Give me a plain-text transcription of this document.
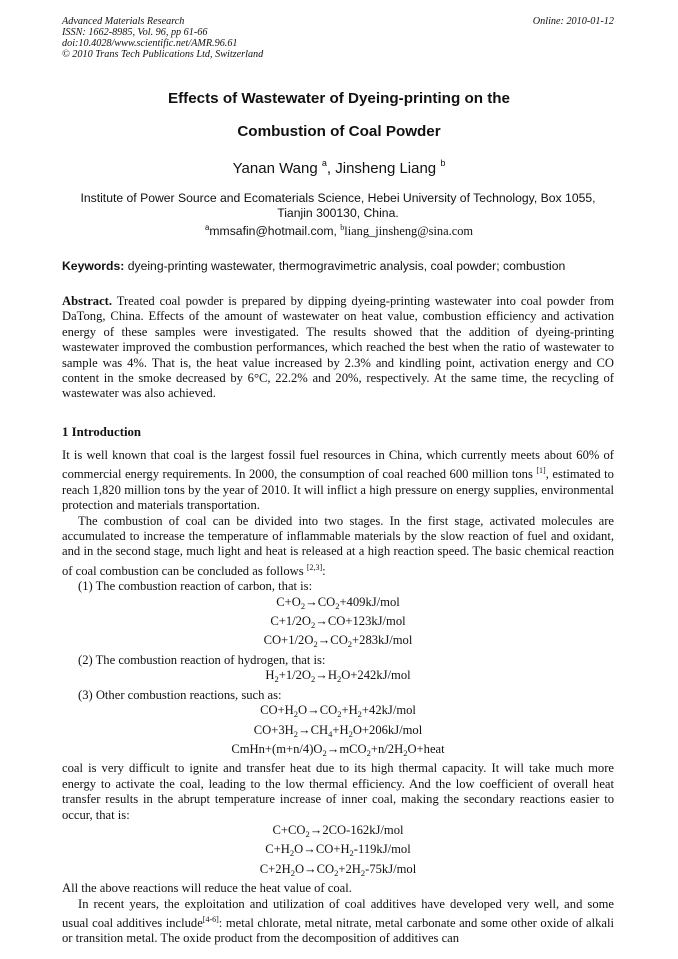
Advanced Materials Research
ISSN: 1662-8985, Vol. 96, pp 61-66
doi:10.4028/www.scientific.net/AMR.96.61
© 2010 Trans Tech Publications Ltd, Switzerland
Online: 2010-01-12
Effects of Wastewater of Dyeing-printing on the
Combustion of Coal Powder
Yanan Wang $^a$, Jinsheng Liang $^b$
Institute of Power Source and Ecomaterials Science, Hebei University of Technology, Box 1055, Tianjin 300130, China.
$^a$mmsafin@hotmail.com, $^b$liang_jinsheng@sina.com
Keywords: dyeing-printing wastewater, thermogravimetric analysis, coal powder; combustion
Abstract. Treated coal powder is prepared by dipping dyeing-printing wastewater into coal powder from DaTong, China. Effects of the amount of wastewater on heat value, combustion efficiency and activation energy of these samples were investigated. The results showed that the addition of dyeing-printing wastewater improved the combustion performances, which reached the best when the ratio of wastewater to sample was 4%. That is, the heat value increased by 2.3% and kindling point, activation energy and CO content in the smoke decreased by 6°C, 22.2% and 20%, respectively. At the same time, the recycling of wastewater was also achieved.
1 Introduction

It is well known that coal is the largest fossil fuel resources in China, which currently meets about 60% of commercial energy requirements. In 2000, the consumption of coal reached 600 million tons [1], estimated to reach 1,820 million tons by the year of 2010. It will inflict a high pressure on energy supplies, environmental protection and materials transportation.

The combustion of coal can be divided into two stages. In the first stage, activated molecules are accumulated to increase the temperature of inflammable materials by the slow reaction of fuel and oxidant, and in the second stage, much light and heat is released at a high reaction speed. The basic chemical reaction of coal combustion can be concluded as follows [2,3]:

(1) The combustion reaction of carbon, that is:

$C+O_2\to CO_2+409kJ$/mol

$C+1/2O_2\to CO+123kJ$/mol

$CO+1/2O_2\to CO_2+283kJ$/mol

(2) The combustion reaction of hydrogen, that is:

$H_2+1/2O_2\to H_2O+242kJ$/mol

(3) Other combustion reactions, such as:

$CO+H_2O\to CO_2+H_2+42kJ$/mol

$CO+3H_2\to CH_4+H_2O+206kJ$/mol

$CmHn+(m+n/4)O_2\to mCO_2+n/2H_2O+heat$

coal is very difficult to ignite and transfer heat due to its high thermal capacity. It will take much more energy to activate the coal, leading to the low thermal efficiency. And the low coefficient of overall heat transfer results in the abrupt temperature increase of inner coal, making the secondary reactions easier to occur, that is:

$C+CO_2\to 2CO-162kJ$/mol

$C+H_2O\to CO+H_2-119kJ$/mol

$C+2H_2O\to CO_2+2H_2-75kJ$/mol

All the above reactions will reduce the heat value of coal.

In recent years, the exploitation and utilization of coal additives have developed very well, and some usual coal additives include[4-6]: metal chlorate, metal nitrate, metal carbonate and some other oxide of alkali or transition metal. The oxide product from the decomposition of additives can
